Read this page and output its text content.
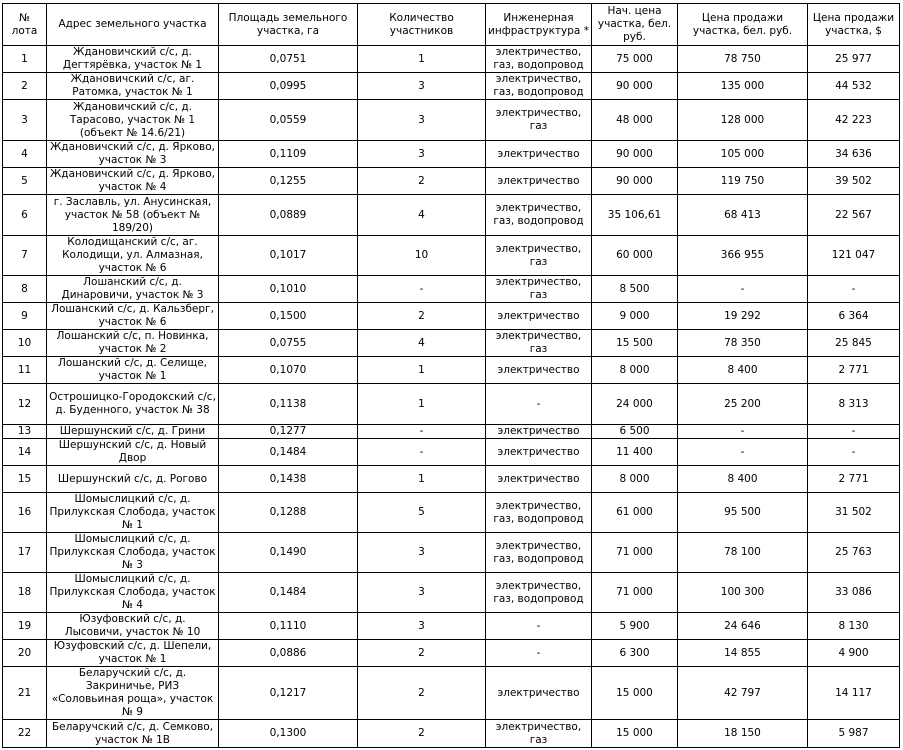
№ лота	Адрес земельного участка	Площадь земельного участка, га	Количество участников	Инженерная инфраструктура *	Нач. цена участка, бел. руб.	Цена продажи участка, бел. руб.	Цена продажи участка, $
1	Ждановичский с/с, д. Дегтярёвка, участок № 1	0,0751	1	электричество, газ, водопровод	75 000	78 750	25 977
2	Ждановичский с/с, аг. Ратомка, участок № 1	0,0995	3	электричество, газ, водопровод	90 000	135 000	44 532
3	Ждановичский с/с, д. Тарасово, участок № 1 (объект № 14.6/21)	0,0559	3	электричество, газ	48 000	128 000	42 223
4	Ждановичский с/с, д. Ярково, участок № 3	0,1109	3	электричество	90 000	105 000	34 636
5	Ждановичский с/с, д. Ярково, участок № 4	0,1255	2	электричество	90 000	119 750	39 502
6	г. Заславль, ул. Анусинская, участок № 58 (объект № 189/20)	0,0889	4	электричество, газ, водопровод	35 106,61	68 413	22 567
7	Колодищанский с/с, аг. Колодищи, ул. Алмазная, участок № 6	0,1017	10	электричество, газ	60 000	366 955	121 047
8	Лошанский с/с, д. Динаровичи, участок № 3	0,1010	-	электричество, газ	8 500	-	-
9	Лошанский с/с, д. Кальзберг, участок № 6	0,1500	2	электричество	9 000	19 292	6 364
10	Лошанский с/с, п. Новинка, участок № 2	0,0755	4	электричество, газ	15 500	78 350	25 845
11	Лошанский с/с, д. Селище, участок № 1	0,1070	1	электричество	8 000	8 400	2 771
12	Острошицко-Городокский с/с, д. Буденного, участок № 38	0,1138	1	-	24 000	25 200	8 313
13	Шершунский с/с, д. Грини	0,1277	-	электричество	6 500	-	-
14	Шершунский с/с, д. Новый Двор	0,1484	-	электричество	11 400	-	-
15	Шершунский с/с, д. Рогово	0,1438	1	электричество	8 000	8 400	2 771
16	Шомыслицкий с/с, д. Прилукская Слобода, участок № 1	0,1288	5	электричество, газ, водопровод	61 000	95 500	31 502
17	Шомыслицкий с/с, д. Прилукская Слобода, участок № 3	0,1490	3	электричество, газ, водопровод	71 000	78 100	25 763
18	Шомыслицкий с/с, д. Прилукская Слобода, участок № 4	0,1484	3	электричество, газ, водопровод	71 000	100 300	33 086
19	Юзуфовский с/с, д. Лысовичи, участок № 10	0,1110	3	-	5 900	24 646	8 130
20	Юзуфовский с/с, д. Шепели, участок № 1	0,0886	2	-	6 300	14 855	4 900
21	Беларучский с/с, д. Закриничье, РИЗ «Соловьиная роща», участок № 9	0,1217	2	электричество	15 000	42 797	14 117
22	Беларучский с/с, д. Семково, участок № 1В	0,1300	2	электричество, газ	15 000	18 150	5 987
